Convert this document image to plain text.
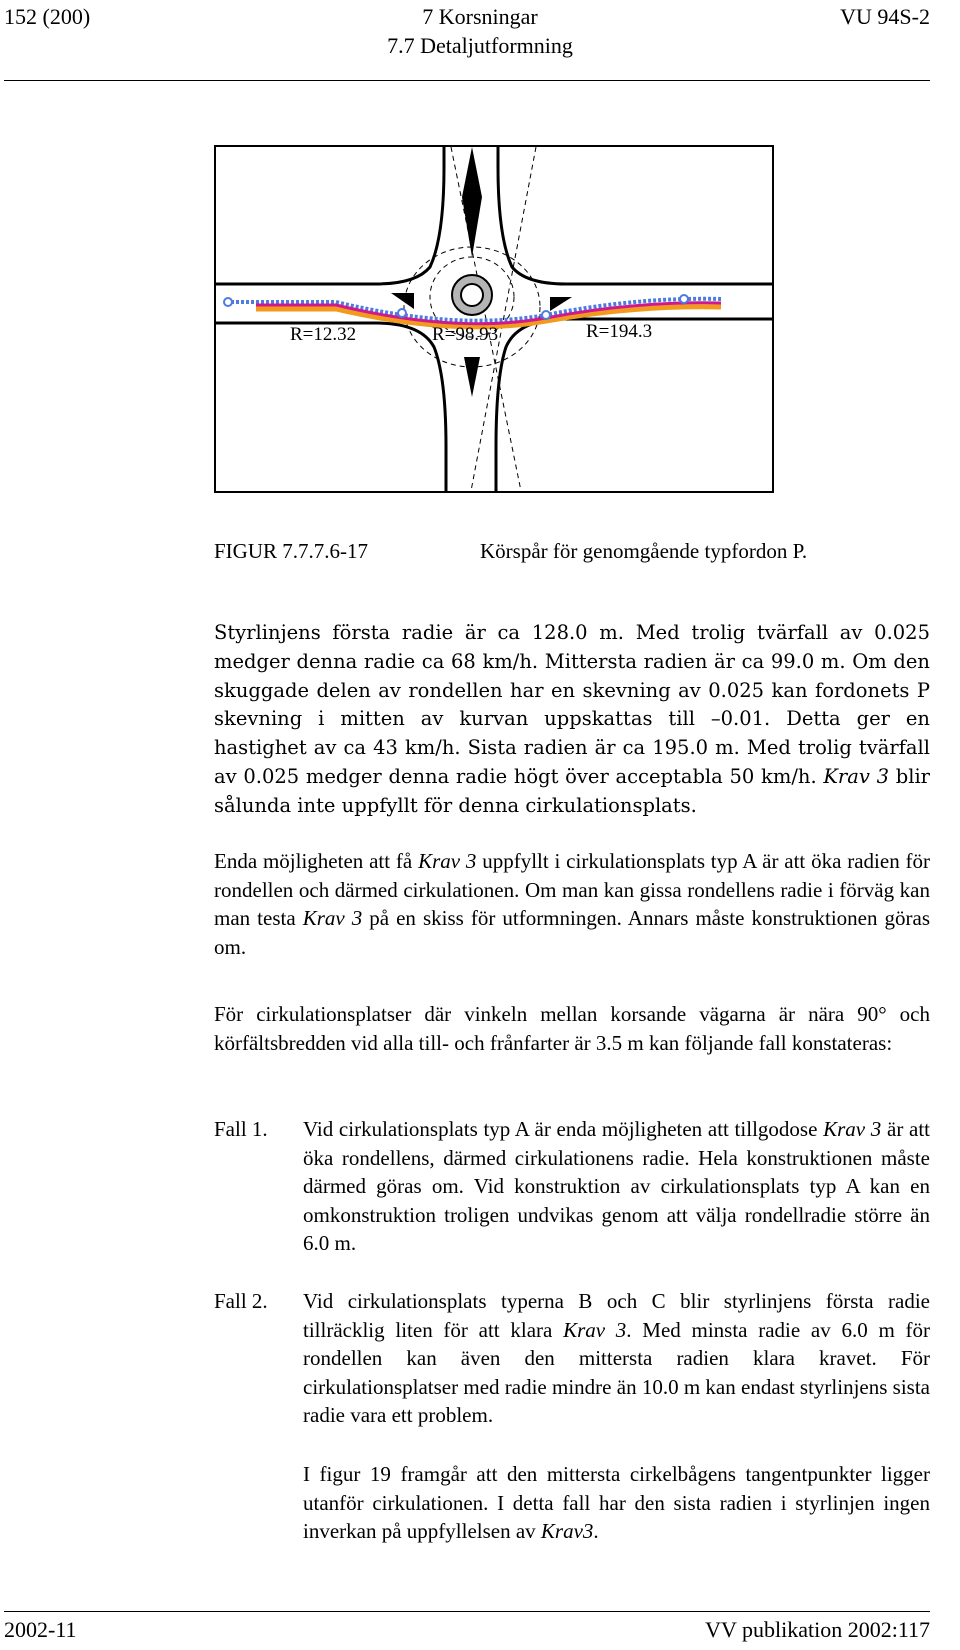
152 (200)	7 Korsningar
7.7 Detaljutformning
VU 94S-2
R=12.32	R=98.93	R=194.3
FIGUR 7.7.7.6-17	Körspår för genomgående typfordon P.
Styrlinjens första radie är ca 128.0 m. Med trolig tvärfall av 0.025 medger denna radie ca 68 km/h. Mittersta radien är ca 99.0 m. Om den skuggade delen av rondellen har en skevning av 0.025 kan fordonets P skevning i mitten av kurvan uppskattas till –0.01. Detta ger en hastighet av ca 43 km/h. Sista radien är ca 195.0 m. Med trolig tvärfall av 0.025 medger denna radie högt över acceptabla 50 km/h. Krav 3 blir sålunda inte uppfyllt för denna cirkulationsplats.
Enda möjligheten att få Krav 3 uppfyllt i cirkulationsplats typ A är att öka radien för rondellen och därmed cirkulationen. Om man kan gissa rondellens radie i förväg kan man testa Krav 3 på en skiss för utformningen. Annars måste konstruktionen göras om.
För cirkulationsplatser där vinkeln mellan korsande vägarna är nära 90° och körfältsbredden vid alla till- och frånfarter är 3.5 m kan följande fall konstateras:
Fall 1. Vid cirkulationsplats typ A är enda möjligheten att tillgodose Krav 3 är att öka rondellens, därmed cirkulationens radie. Hela konstruktionen måste därmed göras om. Vid konstruktion av cirkulationsplats typ A kan en omkonstruktion troligen undvikas genom att välja rondellradie större än 6.0 m.
Fall 2. Vid cirkulationsplats typerna B och C blir styrlinjens första radie tillräcklig liten för att klara Krav 3. Med minsta radie av 6.0 m för rondellen kan även den mittersta radien klara kravet. För cirkulationsplatser med radie mindre än 10.0 m kan endast styrlinjens sista radie vara ett problem.
I figur 19 framgår att den mittersta cirkelbågens tangentpunkter ligger utanför cirkulationen. I detta fall har den sista radien i styrlinjen ingen inverkan på uppfyllelsen av Krav3.
2002-11	VV publikation 2002:117
